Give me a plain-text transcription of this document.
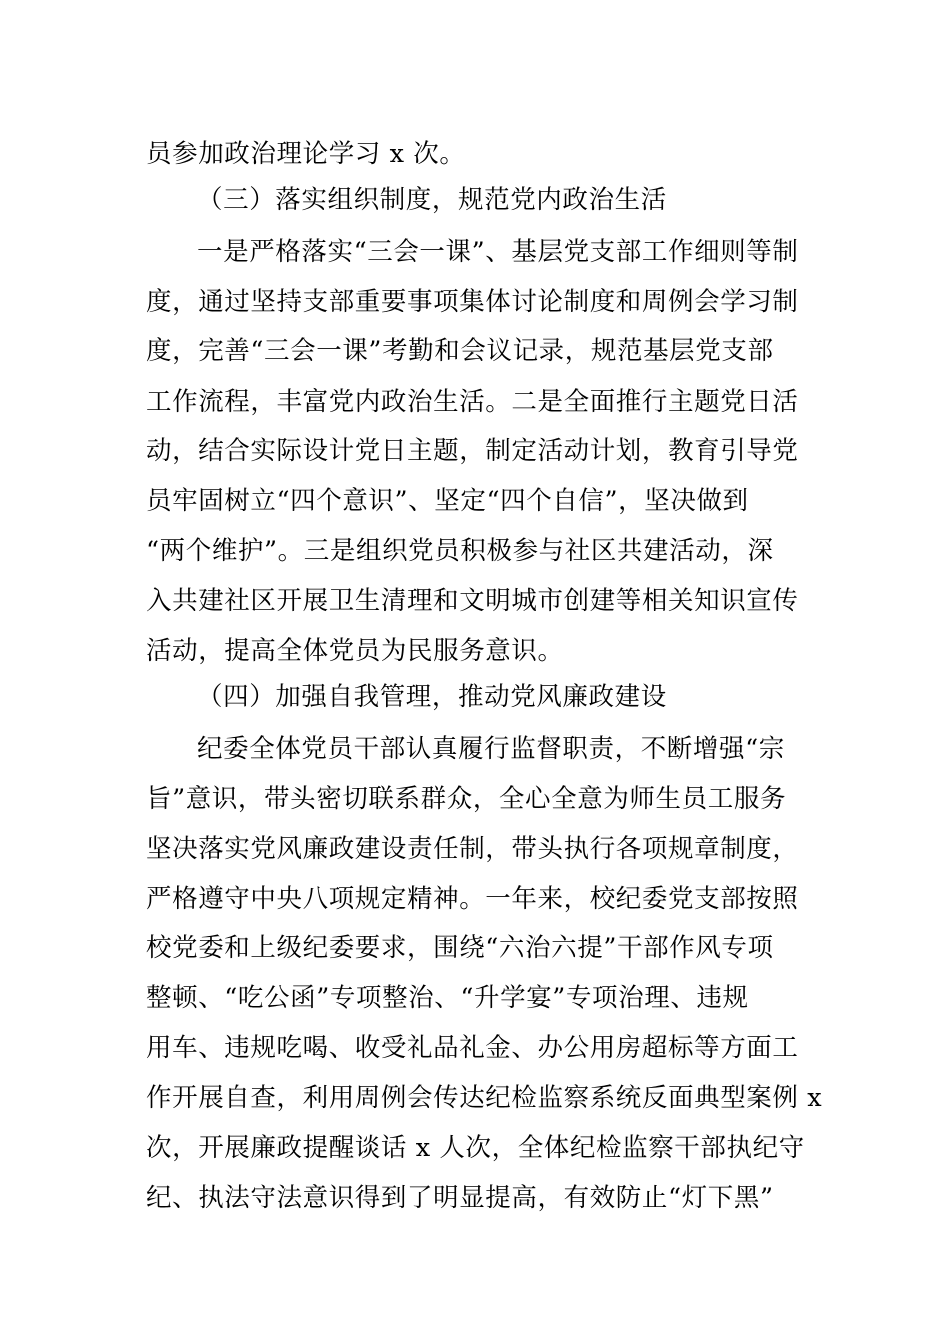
员参加政治理论学习 x 次。
（三）落实组织制度，规范党内政治生活
一是严格落实“三会一课”、基层党支部工作细则等制
度，通过坚持支部重要事项集体讨论制度和周例会学习制
度，完善“三会一课”考勤和会议记录，规范基层党支部
工作流程，丰富党内政治生活。二是全面推行主题党日活
动，结合实际设计党日主题，制定活动计划，教育引导党
员牢固树立“四个意识”、坚定“四个自信”，坚决做到
“两个维护”。三是组织党员积极参与社区共建活动，深
入共建社区开展卫生清理和文明城市创建等相关知识宣传
活动，提高全体党员为民服务意识。
（四）加强自我管理，推动党风廉政建设
纪委全体党员干部认真履行监督职责，不断增强“宗
旨”意识，带头密切联系群众，全心全意为师生员工服务
坚决落实党风廉政建设责任制，带头执行各项规章制度，
严格遵守中央八项规定精神。一年来，校纪委党支部按照
校党委和上级纪委要求，围绕“六治六提”干部作风专项
整顿、“吃公函”专项整治、“升学宴”专项治理、违规
用车、违规吃喝、收受礼品礼金、办公用房超标等方面工
作开展自查，利用周例会传达纪检监察系统反面典型案例 x
次，开展廉政提醒谈话 x 人次，全体纪检监察干部执纪守
纪、执法守法意识得到了明显提高，有效防止“灯下黑”
